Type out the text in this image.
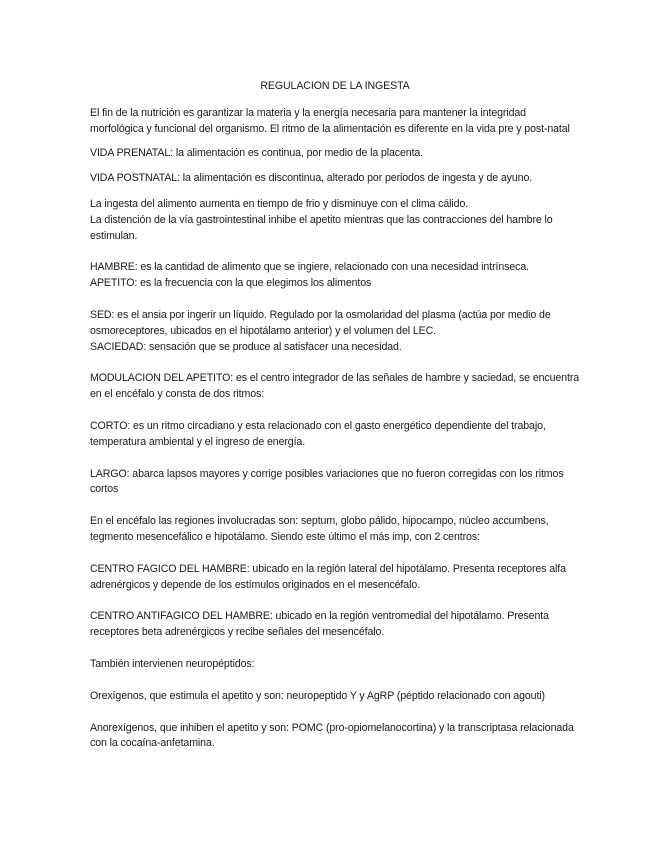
REGULACION DE LA INGESTA

El fin de la nutrición es garantizar la materia y la energía necesaria para mantener la integridad morfológica y funcional del organismo. El ritmo de la alimentación es diferente en la vida pre y post-natal

VIDA PRENATAL: la alimentación es continua, por medio de la placenta.

VIDA POSTNATAL: la alimentación es discontinua, alterado por periodos de ingesta y de ayuno.

La ingesta del alimento aumenta en tiempo de frio y disminuye con el clima cálido.

La distención de la vía gastrointestinal inhibe el apetito mientras que las contracciones del hambre lo estimulan.

HAMBRE: es la cantidad de alimento que se ingiere, relacionado con una necesidad intrínseca.

APETITO: es la frecuencia con la que elegimos los alimentos

SED: es el ansia por ingerir un líquido. Regulado por la osmolaridad del plasma (actúa por medio de osmoreceptores, ubicados en el hipotálamo anterior) y el volumen del LEC.

SACIEDAD: sensación que se produce al satisfacer una necesidad.

MODULACION DEL APETITO: es el centro integrador de las señales de hambre y saciedad, se encuentra en el encéfalo y consta de dos ritmos:

CORTO: es un ritmo circadiano y esta relacionado con el gasto energético dependiente del trabajo, temperatura ambiental y el ingreso de energía.

LARGO: abarca lapsos mayores y corrige posibles variaciones que no fueron corregidas con los ritmos cortos

En el encéfalo las regiones involucradas son: septum, globo pálido, hipocampo, núcleo accumbens, tegmento mesencefálico e hipotálamo. Siendo este último el más imp, con 2 centros:

CENTRO FAGICO DEL HAMBRE: ubicado en la región lateral del hipotálamo. Presenta receptores alfa adrenérgicos y depende de los estímulos originados en el mesencéfalo.

CENTRO ANTIFAGICO DEL HAMBRE: ubicado en la región ventromedial del hipotálamo. Presenta receptores beta adrenérgicos y recibe señales del mesencéfalo.

También intervienen neuropéptidos:

Orexígenos, que estimula el apetito y son: neuropeptido Y y AgRP (péptido relacionado con agouti)

Anorexígenos, que inhiben el apetito y son: POMC (pro-opiomelanocortina) y la transcriptasa relacionada con la cocaína-anfetamina.
